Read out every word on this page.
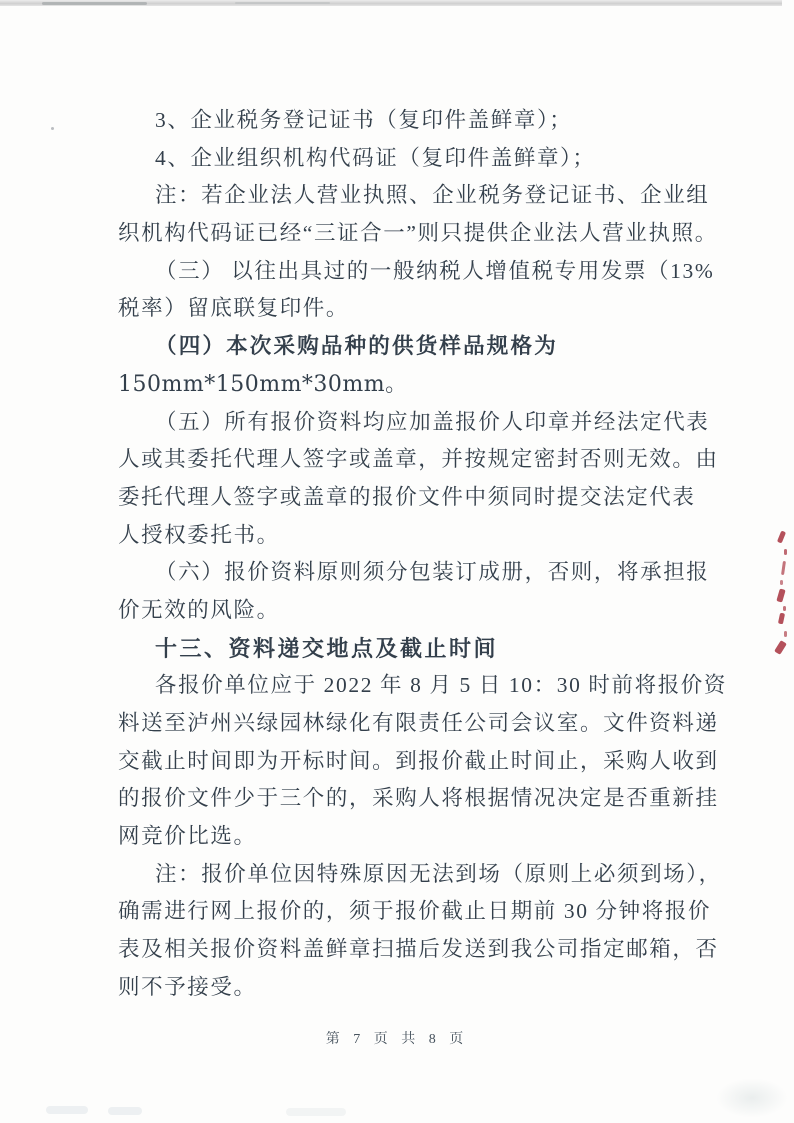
3、企业税务登记证书（复印件盖鲜章）；
4、企业组织机构代码证（复印件盖鲜章）；
注：若企业法人营业执照、企业税务登记证书、企业组
织机构代码证已经“三证合一”则只提供企业法人营业执照。
（三） 以往出具过的一般纳税人增值税专用发票（13%
税率）留底联复印件。
（四）本次采购品种的供货样品规格为
150mm*150mm*30mm。
（五）所有报价资料均应加盖报价人印章并经法定代表
人或其委托代理人签字或盖章，并按规定密封否则无效。由
委托代理人签字或盖章的报价文件中须同时提交法定代表
人授权委托书。
（六）报价资料原则须分包装订成册，否则，将承担报
价无效的风险。
十三、资料递交地点及截止时间
各报价单位应于 2022 年 8 月 5 日 10：30 时前将报价资
料送至泸州兴绿园林绿化有限责任公司会议室。文件资料递
交截止时间即为开标时间。到报价截止时间止，采购人收到
的报价文件少于三个的，采购人将根据情况决定是否重新挂
网竞价比选。
注：报价单位因特殊原因无法到场（原则上必须到场），
确需进行网上报价的，须于报价截止日期前 30 分钟将报价
表及相关报价资料盖鲜章扫描后发送到我公司指定邮箱，否
则不予接受。
第 7 页 共 8 页
